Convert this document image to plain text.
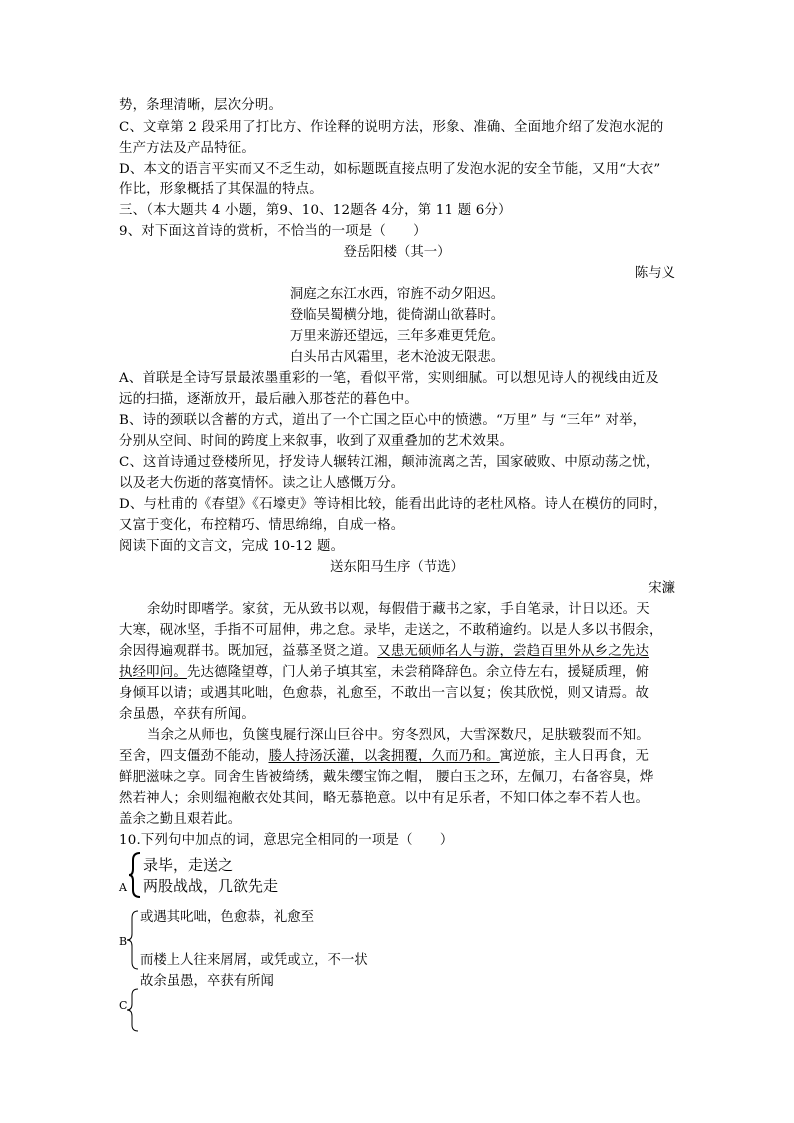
势，条理清晰，层次分明。
C、文章第 2 段采用了打比方、作诠释的说明方法，形象、准确、全面地介绍了发泡水泥的
生产方法及产品特征。
D、本文的语言平实而又不乏生动，如标题既直接点明了发泡水泥的安全节能，又用“大衣”
作比，形象概括了其保温的特点。
三、（本大题共 4 小题，第9、10、12题各 4分，第 11 题 6分）
9、对下面这首诗的赏析，不恰当的一项是（　　）
登岳阳楼（其一）
陈与义
洞庭之东江水西，帘旌不动夕阳迟。
登临吴蜀横分地，徙倚湖山欲暮时。
万里来游还望远，三年多难更凭危。
白头吊古风霜里，老木沧波无限悲。
A、首联是全诗写景最浓墨重彩的一笔，看似平常，实则细腻。可以想见诗人的视线由近及
远的扫描，逐渐放开，最后融入那苍茫的暮色中。
B、诗的颈联以含蓄的方式，道出了一个亡国之臣心中的愤懑。“万里” 与 “三年” 对举，
分别从空间、时间的跨度上来叙事，收到了双重叠加的艺术效果。
C、这首诗通过登楼所见，抒发诗人辗转江湘，颠沛流离之苦，国家破败、中原动荡之忧，
以及老大伤逝的落寞情怀。读之让人感慨万分。
D、与杜甫的《春望》《石壕吏》等诗相比较，能看出此诗的老杜风格。诗人在模仿的同时，
又富于变化，布控精巧、情思绵绵，自成一格。
阅读下面的文言文，完成 10-12 题。
送东阳马生序（节选）
宋濂
余幼时即嗜学。家贫，无从致书以观，每假借于藏书之家，手自笔录，计日以还。天
大寒，砚冰坚，手指不可屈伸，弗之怠。录毕，走送之，不敢稍逾约。以是人多以书假余，
余因得遍观群书。既加冠，益慕圣贤之道。又患无硕师名人与游，尝趋百里外从乡之先达
执经叩问。先达德隆望尊，门人弟子填其室，未尝稍降辞色。余立侍左右，援疑质理，俯
身倾耳以请；或遇其叱咄，色愈恭，礼愈至，不敢出一言以复；俟其欣悦，则又请焉。故
余虽愚，卒获有所闻。
当余之从师也，负箧曳屣行深山巨谷中。穷冬烈风，大雪深数尺，足肤皲裂而不知。
至舍，四支僵劲不能动，媵人持汤沃灌，以衾拥覆，久而乃和。寓逆旅，主人日再食，无
鲜肥滋味之享。同舍生皆被绮绣，戴朱缨宝饰之帽， 腰白玉之环，左佩刀，右备容臭，烨
然若神人；余则缊袍敝衣处其间，略无慕艳意。以中有足乐者，不知口体之奉不若人也。
盖余之勤且艰若此。
10.下列句中加点的词，意思完全相同的一项是（　　）
录毕，走送之
A 两股战战，几欲先走
或遇其叱咄，色愈恭，礼愈至
B
而楼上人往来屑屑，或凭或立，不一状
故余虽愚，卒获有所闻
C
